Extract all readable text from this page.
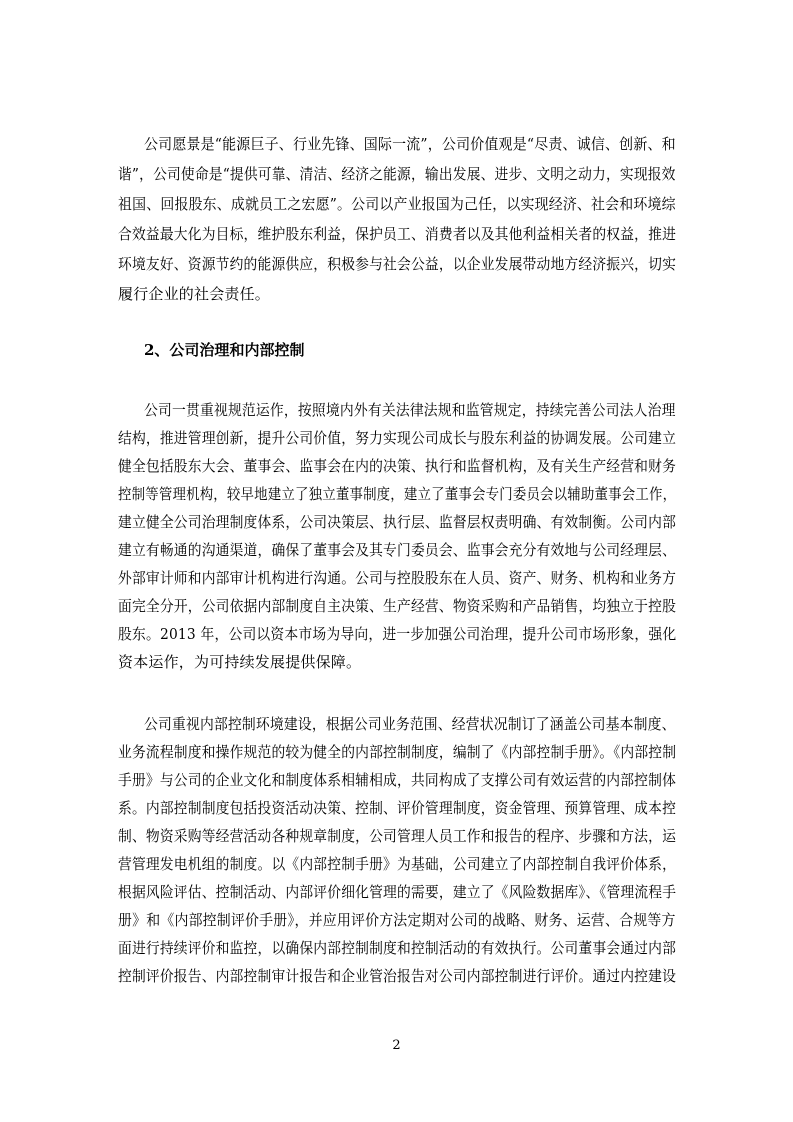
公司愿景是“能源巨子、行业先锋、国际一流”，公司价值观是“尽责、诚信、创新、和
谐”，公司使命是“提供可靠、清洁、经济之能源，输出发展、进步、文明之动力，实现报效
祖国、回报股东、成就员工之宏愿”。公司以产业报国为己任，以实现经济、社会和环境综
合效益最大化为目标，维护股东利益，保护员工、消费者以及其他利益相关者的权益，推进
环境友好、资源节约的能源供应，积极参与社会公益，以企业发展带动地方经济振兴，切实
履行企业的社会责任。
2、公司治理和内部控制
公司一贯重视规范运作，按照境内外有关法律法规和监管规定，持续完善公司法人治理
结构，推进管理创新，提升公司价值，努力实现公司成长与股东利益的协调发展。公司建立
健全包括股东大会、董事会、监事会在内的决策、执行和监督机构，及有关生产经营和财务
控制等管理机构，较早地建立了独立董事制度，建立了董事会专门委员会以辅助董事会工作，
建立健全公司治理制度体系，公司决策层、执行层、监督层权责明确、有效制衡。公司内部
建立有畅通的沟通渠道，确保了董事会及其专门委员会、监事会充分有效地与公司经理层、
外部审计师和内部审计机构进行沟通。公司与控股股东在人员、资产、财务、机构和业务方
面完全分开，公司依据内部制度自主决策、生产经营、物资采购和产品销售，均独立于控股
股东。2013 年，公司以资本市场为导向，进一步加强公司治理，提升公司市场形象，强化
资本运作，为可持续发展提供保障。
公司重视内部控制环境建设，根据公司业务范围、经营状况制订了涵盖公司基本制度、
业务流程制度和操作规范的较为健全的内部控制制度，编制了《内部控制手册》。《内部控制
手册》与公司的企业文化和制度体系相辅相成，共同构成了支撑公司有效运营的内部控制体
系。内部控制制度包括投资活动决策、控制、评价管理制度，资金管理、预算管理、成本控
制、物资采购等经营活动各种规章制度，公司管理人员工作和报告的程序、步骤和方法，运
营管理发电机组的制度。以《内部控制手册》为基础，公司建立了内部控制自我评价体系，
根据风险评估、控制活动、内部评价细化管理的需要，建立了《风险数据库》、《管理流程手
册》和《内部控制评价手册》，并应用评价方法定期对公司的战略、财务、运营、合规等方
面进行持续评价和监控，以确保内部控制制度和控制活动的有效执行。公司董事会通过内部
控制评价报告、内部控制审计报告和企业管治报告对公司内部控制进行评价。通过内控建设
2
